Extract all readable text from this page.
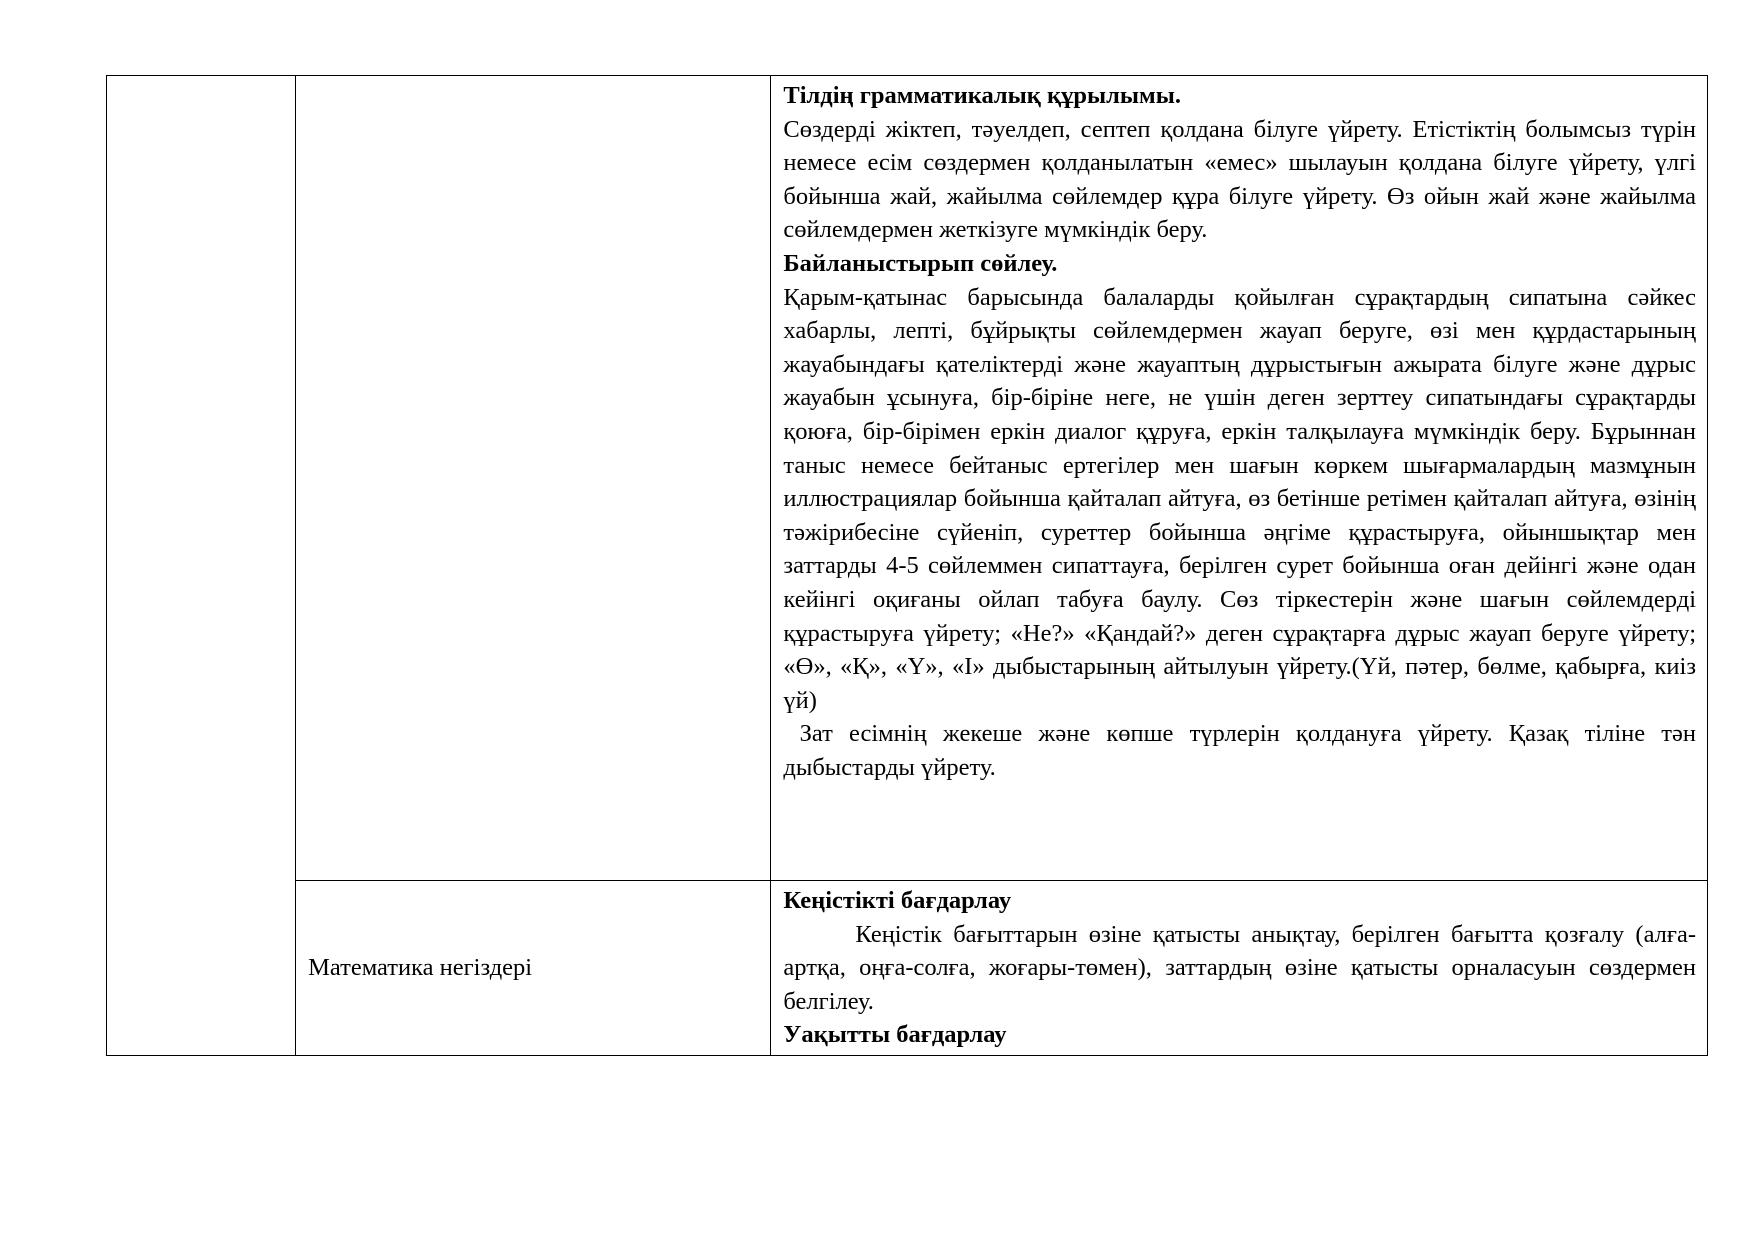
		Тілдің грамматикалық құрылымы.

Сөздерді жіктеп, тәуелдеп, септеп қолдана білуге үйрету. Етістіктің болымсыз түрін немесе есім сөздермен қолданылатын «емес» шылауын қолдана білуге үйрету, үлгі бойынша жай, жайылма сөйлемдер құра білуге үйрету. Өз ойын жай және жайылма сөйлемдермен жеткізуге мүмкіндік беру.

Байланыстырып сөйлеу.

Қарым-қатынас барысында балаларды қойылған сұрақтардың сипатына сәйкес хабарлы, лепті, бұйрықты сөйлемдермен жауап беруге, өзі мен құрдастарының жауабындағы қателіктерді және жауаптың дұрыстығын ажырата білуге және дұрыс жауабын ұсынуға, бір-біріне неге, не үшін деген зерттеу сипатындағы сұрақтарды қоюға, бір-бірімен еркін диалог құруға, еркін талқылауға мүмкіндік беру. Бұрыннан таныс немесе бейтаныс ертегілер мен шағын көркем шығармалардың мазмұнын иллюстрациялар бойынша қайталап айтуға, өз бетінше ретімен қайталап айтуға, өзінің тәжірибесіне сүйеніп, суреттер бойынша әңгіме құрастыруға, ойыншықтар мен заттарды 4-5 сөйлеммен сипаттауға, берілген сурет бойынша оған дейінгі және одан кейінгі оқиғаны ойлап табуға баулу. Сөз тіркестерін және шағын сөйлемдерді құрастыруға үйрету; «Не?» «Қандай?» деген сұрақтарға дұрыс жауап беруге үйрету; «Ө», «Қ», «Ү», «І» дыбыстарының айтылуын үйрету.(Үй, пәтер, бөлме, қабырға, киіз үй)

Зат есімнің жекеше және көпше түрлерін қолдануға үйрету. Қазақ тіліне тән дыбыстарды үйрету.

	Математика негіздері	Кеңістікті бағдарлау

Кеңістік бағыттарын өзіне қатысты анықтау, берілген бағытта қозғалу (алға-артқа, оңға-солға, жоғары-төмен), заттардың өзіне қатысты орналасуын сөздермен белгілеу.

Уақытты бағдарлау
